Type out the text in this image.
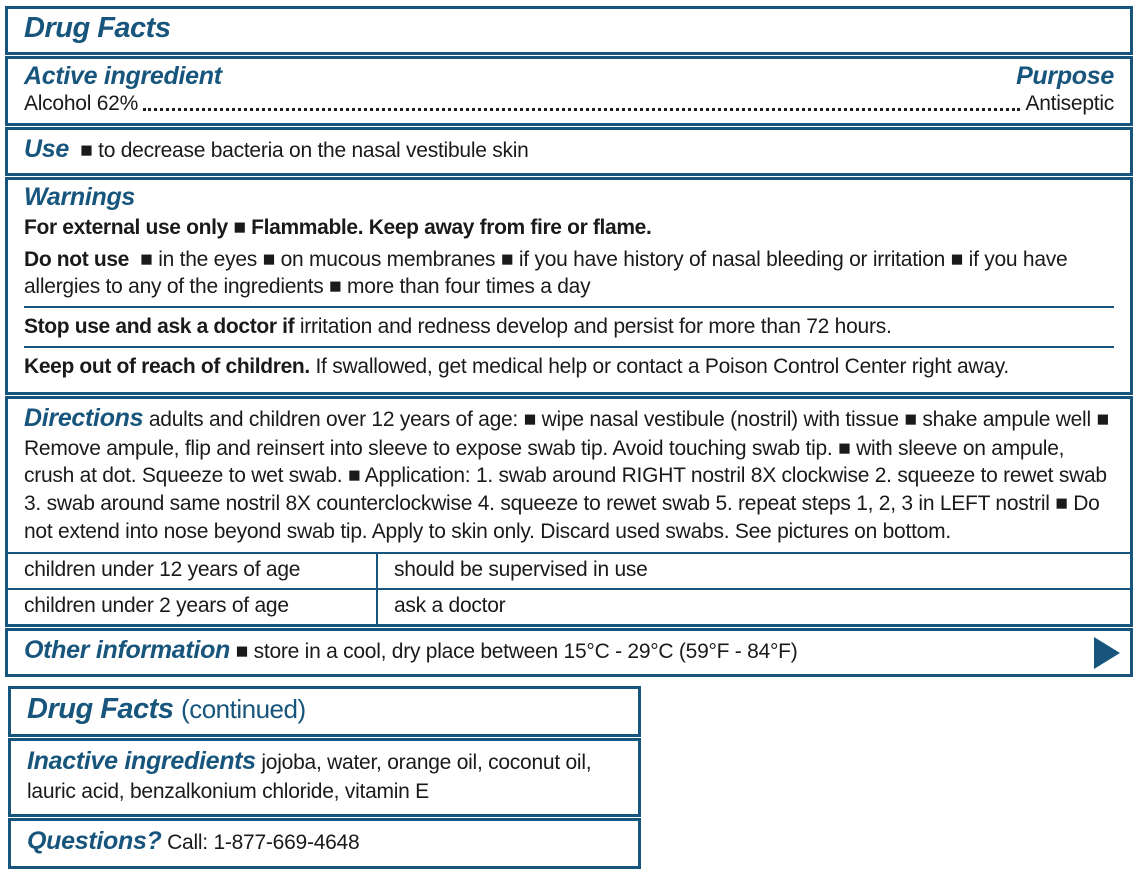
Drug Facts
Active ingredient	Purpose
Alcohol 62%	Antiseptic

Use ■ to decrease bacteria on the nasal vestibule skin

Warnings

For external use only ■ Flammable. Keep away from fire or flame.

Do not use ■ in the eyes ■ on mucous membranes ■ if you have history of nasal bleeding or irritation ■ if you have allergies to any of the ingredients ■ more than four times a day

Stop use and ask a doctor if irritation and redness develop and persist for more than 72 hours.

Keep out of reach of children. If swallowed, get medical help or contact a Poison Control Center right away.

Directions adults and children over 12 years of age: ■ wipe nasal vestibule (nostril) with tissue ■ shake ampule well ■ Remove ampule, flip and reinsert into sleeve to expose swab tip. Avoid touching swab tip. ■ with sleeve on ampule, crush at dot. Squeeze to wet swab. ■ Application: 1. swab around RIGHT nostril 8X clockwise 2. squeeze to rewet swab 3. swab around same nostril 8X counterclockwise 4. squeeze to rewet swab 5. repeat steps 1, 2, 3 in LEFT nostril ■ Do not extend into nose beyond swab tip. Apply to skin only. Discard used swabs. See pictures on bottom.

children under 12 years of age	should be supervised in use
children under 2 years of age	ask a doctor

Other information ■ store in a cool, dry place between 15°C - 29°C (59°F - 84°F)

Drug Facts (continued)

Inactive ingredients jojoba, water, orange oil, coconut oil, lauric acid, benzalkonium chloride, vitamin E

Questions? Call: 1-877-669-4648
